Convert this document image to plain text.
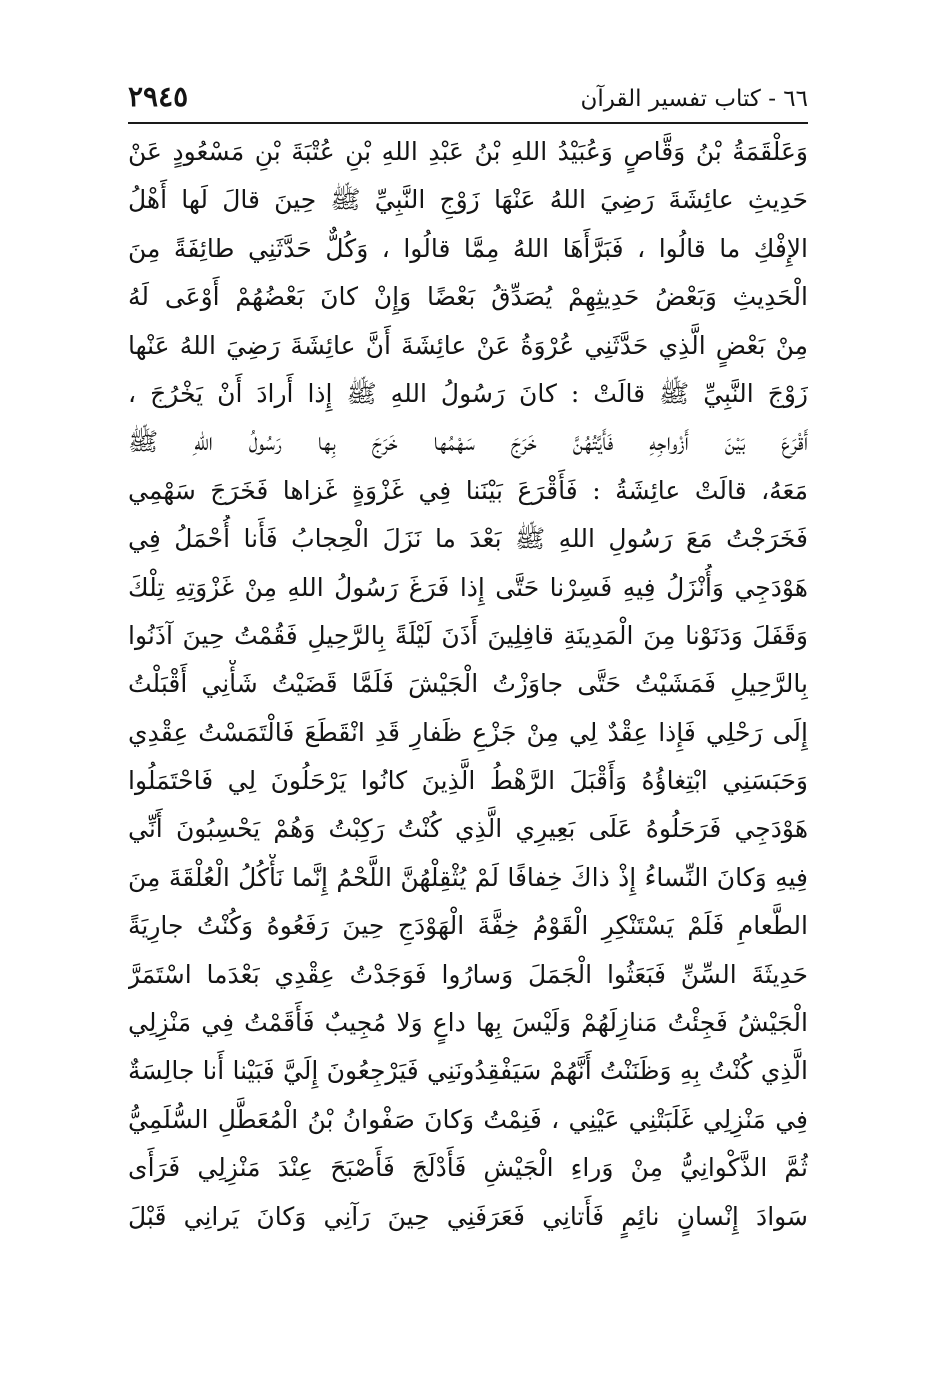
٦٦ - كتاب تفسير القرآن
٢٩٤٥
وَعَلْقَمَةُ بْنُ وَقَّاصٍ وَعُبَيْدُ اللهِ بْنُ عَبْدِ اللهِ بْنِ عُتْبَةَ بْنِ مَسْعُودٍ عَنْ
حَدِيثِ عائِشَةَ رَضِيَ اللهُ عَنْهَا زَوْجِ النَّبِيِّ ﷺ حِينَ قالَ لَها أَهْلُ
الإِفْكِ ما قالُوا ، فَبَرَّأَهَا اللهُ مِمَّا قالُوا ، وَكُلٌّ حَدَّثَنِي طائِفَةً مِنَ
الْحَدِيثِ وَبَعْضُ حَدِيثِهِمْ يُصَدِّقُ بَعْضًا وَإِنْ كانَ بَعْضُهُمْ أَوْعَى لَهُ
مِنْ بَعْضٍ الَّذِي حَدَّثَنِي عُرْوَةُ عَنْ عائِشَةَ أَنَّ عائِشَةَ رَضِيَ اللهُ عَنْها
زَوْجَ النَّبِيِّ ﷺ قالَتْ : كانَ رَسُولُ اللهِ ﷺ إِذا أَرادَ أَنْ يَخْرُجَ ،
أَقْرَعَ بَيْنَ أَزْواجِهِ فَأَيَّتُهُنَّ خَرَجَ سَهْمُها خَرَجَ بِها رَسُولُ اللهِ ﷺ
مَعَهُ، قالَتْ عائِشَةُ : فَأَقْرَعَ بَيْنَنا فِي غَزْوَةٍ غَزاها فَخَرَجَ سَهْمِي
فَخَرَجْتُ مَعَ رَسُولِ اللهِ ﷺ بَعْدَ ما نَزَلَ الْحِجابُ فَأَنا أُحْمَلُ فِي
هَوْدَجِي وَأُنْزَلُ فِيهِ فَسِرْنا حَتَّى إِذا فَرَغَ رَسُولُ اللهِ مِنْ غَزْوَتِهِ تِلْكَ
وَقَفَلَ وَدَنَوْنا مِنَ الْمَدِينَةِ قافِلِينَ أَذَنَ لَيْلَةً بِالرَّحِيلِ فَقُمْتُ حِينَ آذَنُوا
بِالرَّحِيلِ فَمَشَيْتُ حَتَّى جاوَزْتُ الْجَيْشَ فَلَمَّا قَضَيْتُ شَأْنِي أَقْبَلْتُ
إِلَى رَحْلِي فَإِذا عِقْدٌ لِي مِنْ جَزْعِ ظَفارِ قَدِ انْقَطَعَ فَالْتَمَسْتُ عِقْدِي
وَحَبَسَنِي ابْتِغاؤُهُ وَأَقْبَلَ الرَّهْطُ الَّذِينَ كانُوا يَرْحَلُونَ لِي فَاحْتَمَلُوا
هَوْدَجِي فَرَحَلُوهُ عَلَى بَعِيرِي الَّذِي كُنْتُ رَكِبْتُ وَهُمْ يَحْسِبُونَ أَنِّي
فِيهِ وَكانَ النِّساءُ إِذْ ذاكَ خِفافًا لَمْ يُثْقِلْهُنَّ اللَّحْمُ إِنَّما نَأْكُلُ الْعُلْقَةَ مِنَ
الطَّعامِ فَلَمْ يَسْتَنْكِرِ الْقَوْمُ خِفَّةَ الْهَوْدَجِ حِينَ رَفَعُوهُ وَكُنْتُ جارِيَةً
حَدِيثَةَ السِّنِّ فَبَعَثُوا الْجَمَلَ وَسارُوا فَوَجَدْتُ عِقْدِي بَعْدَما اسْتَمَرَّ
الْجَيْشُ فَجِئْتُ مَنازِلَهُمْ وَلَيْسَ بِها داعٍ وَلا مُجِيبٌ فَأَقَمْتُ فِي مَنْزِلِي
الَّذِي كُنْتُ بِهِ وَظَنَنْتُ أَنَّهُمْ سَيَفْقِدُونَنِي فَيَرْجِعُونَ إِلَيَّ فَبَيْنا أَنا جالِسَةٌ
فِي مَنْزِلِي غَلَبَتْنِي عَيْنِي ، فَنِمْتُ وَكانَ صَفْوانُ بْنُ الْمُعَطَّلِ السُّلَمِيُّ
ثُمَّ الذَّكْوانِيُّ مِنْ وَراءِ الْجَيْشِ فَأَدْلَجَ فَأَصْبَحَ عِنْدَ مَنْزِلِي فَرَأَى
سَوادَ إِنْسانٍ نائِمٍ فَأَتانِي فَعَرَفَنِي حِينَ رَآنِي وَكانَ يَرانِي قَبْلَ
